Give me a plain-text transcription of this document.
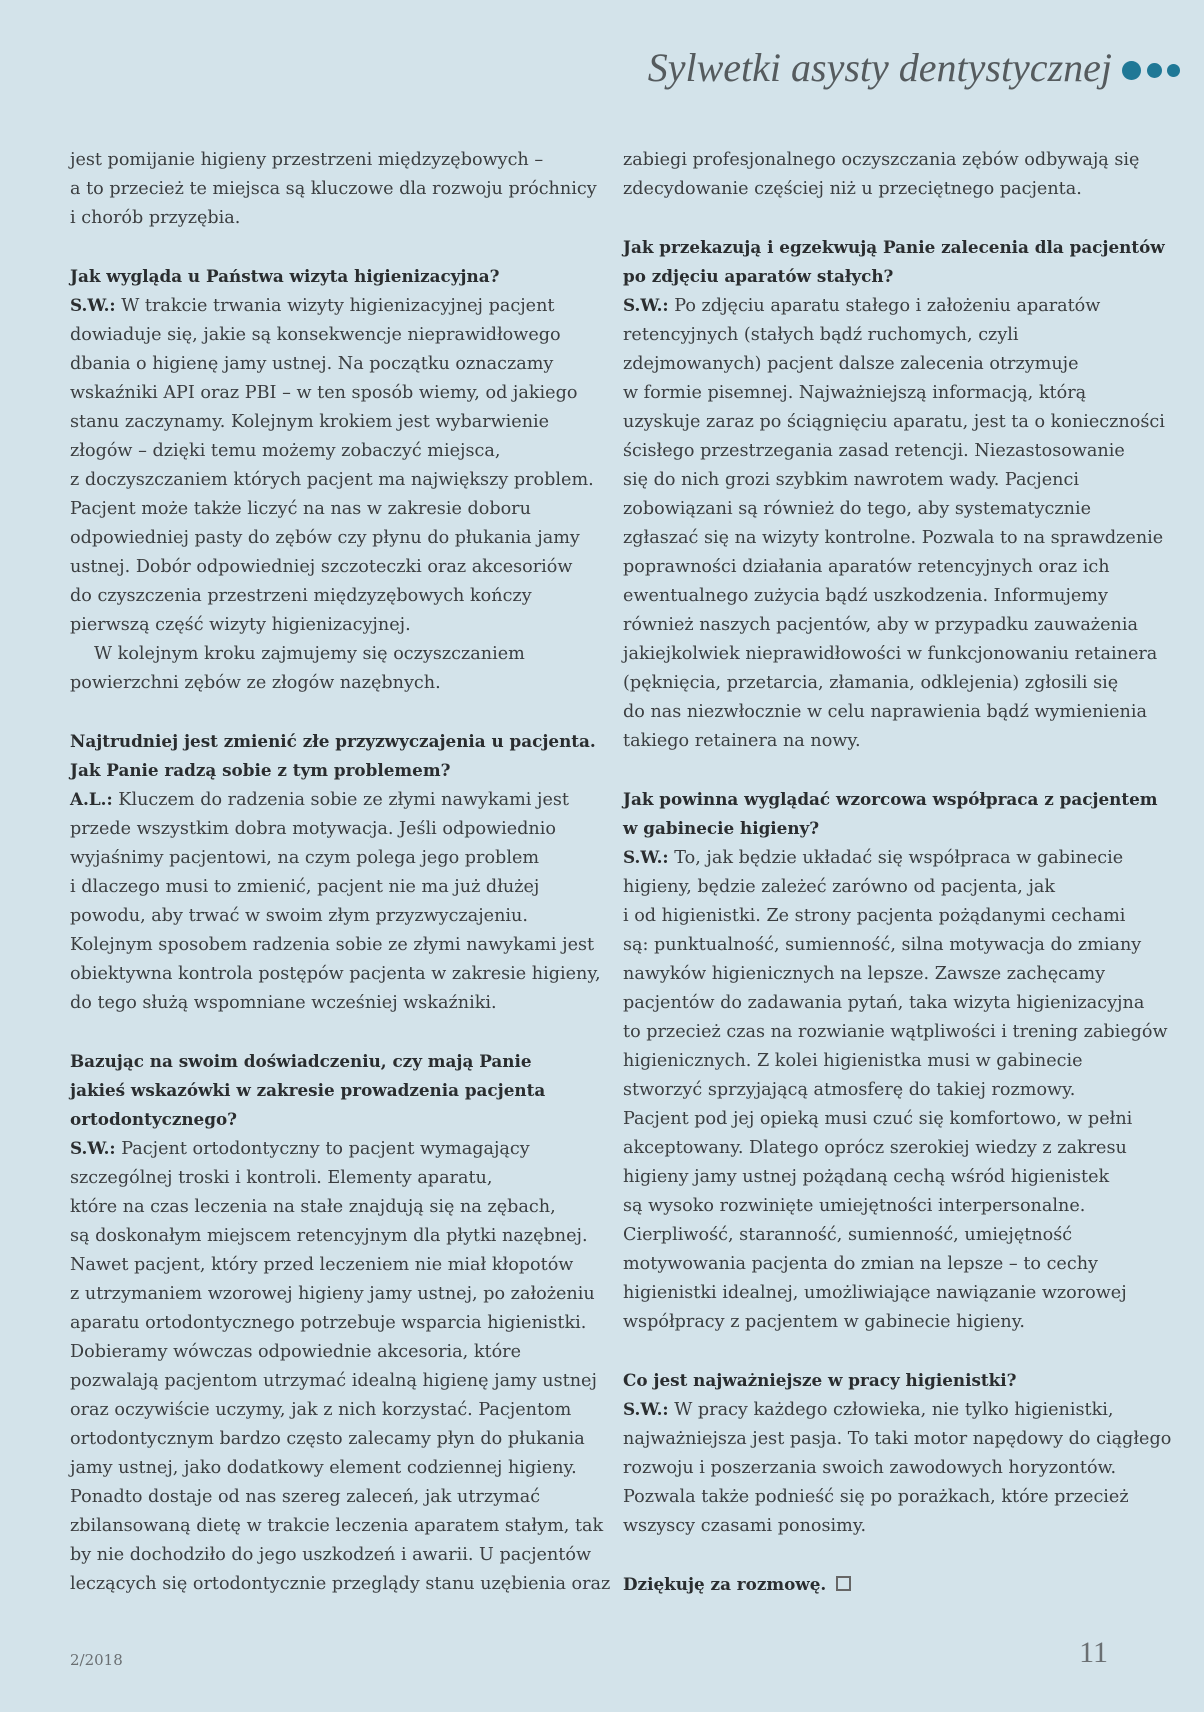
Sylwetki asysty dentystycznej

jest pomijanie higieny przestrzeni międzyzębowych –

a to przecież te miejsca są kluczowe dla rozwoju próchnicy

i chorób przyzębia.

Jak wygląda u Państwa wizyta higienizacyjna?

S.W.: W trakcie trwania wizyty higienizacyjnej pacjent

dowiaduje się, jakie są konsekwencje nieprawidłowego

dbania o higienę jamy ustnej. Na początku oznaczamy

wskaźniki API oraz PBI – w ten sposób wiemy, od jakiego

stanu zaczynamy. Kolejnym krokiem jest wybarwienie

złogów – dzięki temu możemy zobaczyć miejsca,

z doczyszczaniem których pacjent ma największy problem.

Pacjent może także liczyć na nas w zakresie doboru

odpowiedniej pasty do zębów czy płynu do płukania jamy

ustnej. Dobór odpowiedniej szczoteczki oraz akcesoriów

do czyszczenia przestrzeni międzyzębowych kończy

pierwszą część wizyty higienizacyjnej.

W kolejnym kroku zajmujemy się oczyszczaniem

powierzchni zębów ze złogów nazębnych.

Najtrudniej jest zmienić złe przyzwyczajenia u pacjenta.

Jak Panie radzą sobie z tym problemem?

A.L.: Kluczem do radzenia sobie ze złymi nawykami jest

przede wszystkim dobra motywacja. Jeśli odpowiednio

wyjaśnimy pacjentowi, na czym polega jego problem

i dlaczego musi to zmienić, pacjent nie ma już dłużej

powodu, aby trwać w swoim złym przyzwyczajeniu.

Kolejnym sposobem radzenia sobie ze złymi nawykami jest

obiektywna kontrola postępów pacjenta w zakresie higieny,

do tego służą wspomniane wcześniej wskaźniki.

Bazując na swoim doświadczeniu, czy mają Panie

jakieś wskazówki w zakresie prowadzenia pacjenta

ortodontycznego?

S.W.: Pacjent ortodontyczny to pacjent wymagający

szczególnej troski i kontroli. Elementy aparatu,

które na czas leczenia na stałe znajdują się na zębach,

są doskonałym miejscem retencyjnym dla płytki nazębnej.

Nawet pacjent, który przed leczeniem nie miał kłopotów

z utrzymaniem wzorowej higieny jamy ustnej, po założeniu

aparatu ortodontycznego potrzebuje wsparcia higienistki.

Dobieramy wówczas odpowiednie akcesoria, które

pozwalają pacjentom utrzymać idealną higienę jamy ustnej

oraz oczywiście uczymy, jak z nich korzystać. Pacjentom

ortodontycznym bardzo często zalecamy płyn do płukania

jamy ustnej, jako dodatkowy element codziennej higieny.

Ponadto dostaje od nas szereg zaleceń, jak utrzymać

zbilansowaną dietę w trakcie leczenia aparatem stałym, tak

by nie dochodziło do jego uszkodzeń i awarii. U pacjentów

leczących się ortodontycznie przeglądy stanu uzębienia oraz

zabiegi profesjonalnego oczyszczania zębów odbywają się

zdecydowanie częściej niż u przeciętnego pacjenta.

Jak przekazują i egzekwują Panie zalecenia dla pacjentów

po zdjęciu aparatów stałych?

S.W.: Po zdjęciu aparatu stałego i założeniu aparatów

retencyjnych (stałych bądź ruchomych, czyli

zdejmowanych) pacjent dalsze zalecenia otrzymuje

w formie pisemnej. Najważniejszą informacją, którą

uzyskuje zaraz po ściągnięciu aparatu, jest ta o konieczności

ścisłego przestrzegania zasad retencji. Niezastosowanie

się do nich grozi szybkim nawrotem wady. Pacjenci

zobowiązani są również do tego, aby systematycznie

zgłaszać się na wizyty kontrolne. Pozwala to na sprawdzenie

poprawności działania aparatów retencyjnych oraz ich

ewentualnego zużycia bądź uszkodzenia. Informujemy

również naszych pacjentów, aby w przypadku zauważenia

jakiejkolwiek nieprawidłowości w funkcjonowaniu retainera

(pęknięcia, przetarcia, złamania, odklejenia) zgłosili się

do nas niezwłocznie w celu naprawienia bądź wymienienia

takiego retainera na nowy.

Jak powinna wyglądać wzorcowa współpraca z pacjentem

w gabinecie higieny?

S.W.: To, jak będzie układać się współpraca w gabinecie

higieny, będzie zależeć zarówno od pacjenta, jak

i od higienistki. Ze strony pacjenta pożądanymi cechami

są: punktualność, sumienność, silna motywacja do zmiany

nawyków higienicznych na lepsze. Zawsze zachęcamy

pacjentów do zadawania pytań, taka wizyta higienizacyjna

to przecież czas na rozwianie wątpliwości i trening zabiegów

higienicznych. Z kolei higienistka musi w gabinecie

stworzyć sprzyjającą atmosferę do takiej rozmowy.

Pacjent pod jej opieką musi czuć się komfortowo, w pełni

akceptowany. Dlatego oprócz szerokiej wiedzy z zakresu

higieny jamy ustnej pożądaną cechą wśród higienistek

są wysoko rozwinięte umiejętności interpersonalne.

Cierpliwość, staranność, sumienność, umiejętność

motywowania pacjenta do zmian na lepsze – to cechy

higienistki idealnej, umożliwiające nawiązanie wzorowej

współpracy z pacjentem w gabinecie higieny.

Co jest najważniejsze w pracy higienistki?

S.W.: W pracy każdego człowieka, nie tylko higienistki,

najważniejsza jest pasja. To taki motor napędowy do ciągłego

rozwoju i poszerzania swoich zawodowych horyzontów.

Pozwala także podnieść się po porażkach, które przecież

wszyscy czasami ponosimy.

Dziękuję za rozmowę.

2/2018	11
